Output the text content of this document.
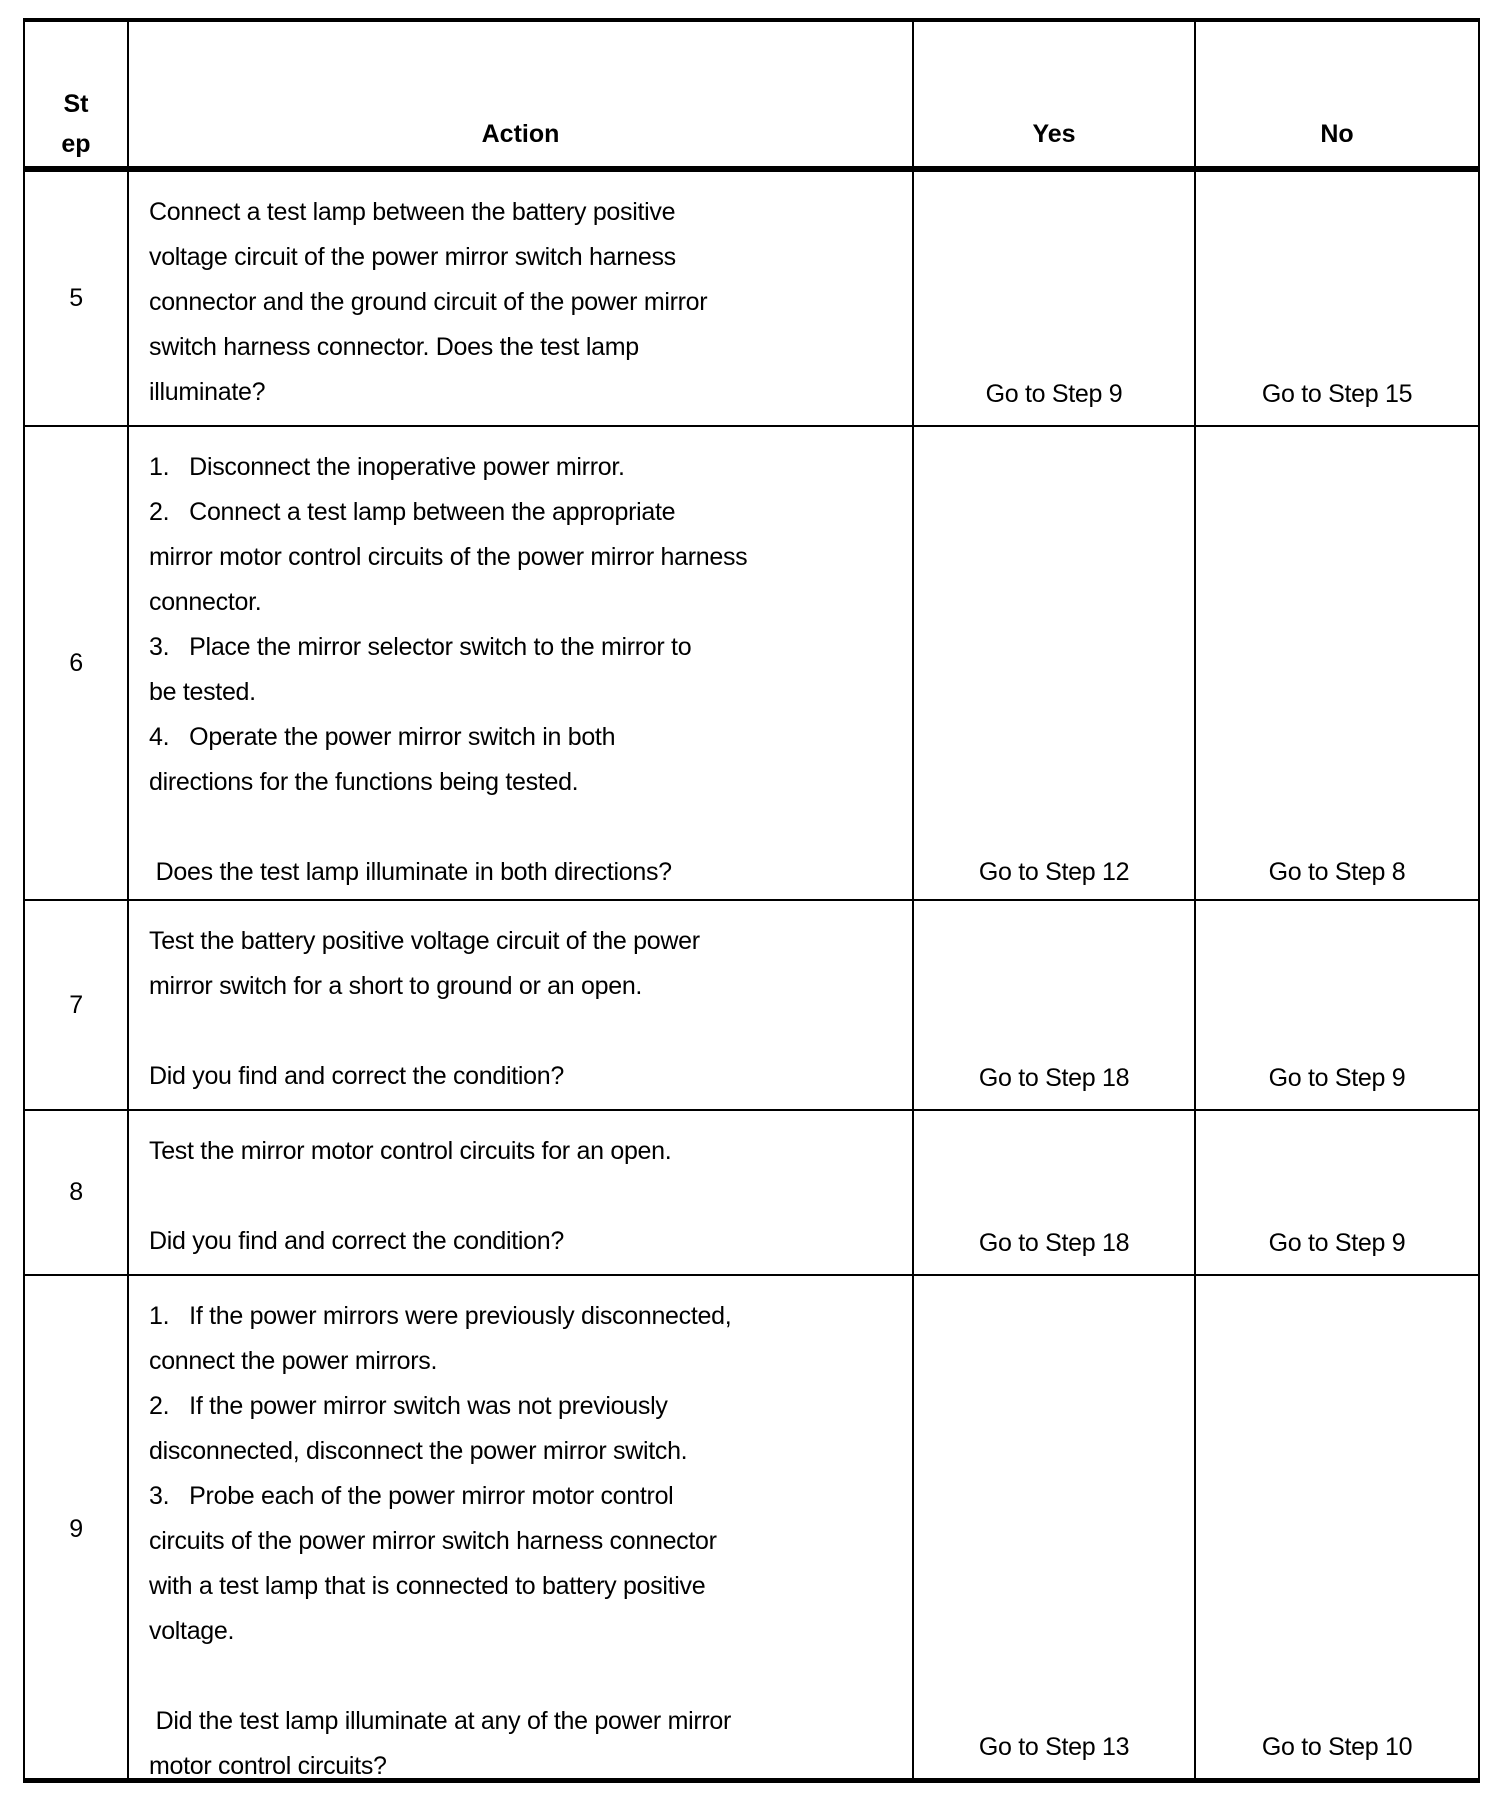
St
ep	Action	Yes	No
5
Connect a test lamp between the battery positive
voltage circuit of the power mirror switch harness
connector and the ground circuit of the power mirror
switch harness connector. Does the test lamp
illuminate?	Go to Step 9	Go to Step 15
6
1.   Disconnect the inoperative power mirror.
2.   Connect a test lamp between the appropriate
mirror motor control circuits of the power mirror harness
connector.
3.   Place the mirror selector switch to the mirror to
be tested.
4.   Operate the power mirror switch in both
directions for the functions being tested.
Does the test lamp illuminate in both directions?	Go to Step 12	Go to Step 8
7
Test the battery positive voltage circuit of the power
mirror switch for a short to ground or an open.
Did you find and correct the condition?	Go to Step 18	Go to Step 9
8
Test the mirror motor control circuits for an open.
Did you find and correct the condition?	Go to Step 18	Go to Step 9
9
1.   If the power mirrors were previously disconnected,
connect the power mirrors.
2.   If the power mirror switch was not previously
disconnected, disconnect the power mirror switch.
3.   Probe each of the power mirror motor control
circuits of the power mirror switch harness connector
with a test lamp that is connected to battery positive
voltage.
Did the test lamp illuminate at any of the power mirror
motor control circuits?
Go to Step 13	Go to Step 10
